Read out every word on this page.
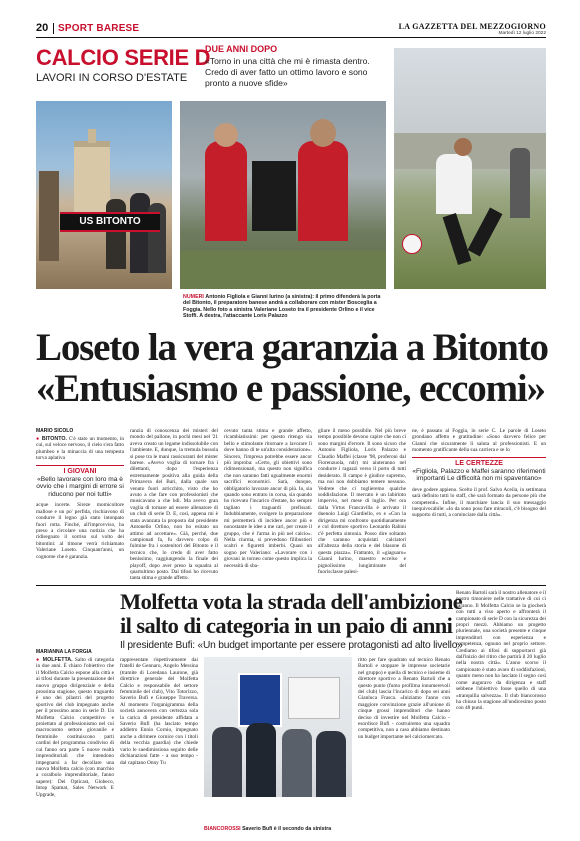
20 SPORT BARESE	LA GAZZETTA DEL MEZZOGIORNO
Martedì 12 luglio 2022
CALCIO SERIE D
LAVORI IN CORSO D'ESTATE
DUE ANNI DOPO
«Torno in una città che mi è rimasta dentro. Credo di aver fatto un ottimo lavoro e sono pronto a nuove sfide»
US BITONTO
NUMERI Antonio Figliola e Gianni Iurino (a sinistra): il primo difenderà la porta del Bitonto, il preparatore banese andrà a collaborare con mister Bosceglia a Foggia. Nello foto a sinistra Valeriane Loseto tra il presidente Orlino e il vice Stoffi. A destra, l'attaccante Loris Palazzo
Loseto la vera garanzia a Bitonto
«Entusiasmo e passione, eccomi»
MARIO SICOLO

● BITONTO. C'è stato un momento, in cui, sul veloce nervoso, il cielo s'era fatto plumbeo e la minaccia di una tempesta torva aplativa

I GIOVANI
«Bello lavorare con loro ma è ovvio che i margini di errore si riducono per noi tutti»

acque incerte. Sireze momicoltore mallose e un po' perfida, rischiavono di condurre il legno già stato intonpato fuori rotta. Finché, all'improvviso, ha preso a circolare una notizia che ha ridisegnato il sorriso sul volto dei bitontini: al timone verrà richiamato Valeriane Loseto. Cinquant'anni, un cognome che è garanzia.

ranzia di conoscenza dei misteri del mondo del pallone, in pochi mesi nel '21 aveva creato un legame indissolubile con l'ambiente. E, dunque, la tremula bussola si pose tra le mani rassicuranti del mister barese. «Avevo voglia di tornare fra i dilettanti, dopo l'esperienza estremamente positiva alla guida della Primavera del Bari, dalla quale son venuto fuori arricchito, visto che ho avuto a che fare con professionisti che musicavano a che hdi. Ma avevo gran voglia di tornare ad essere allenatore di un club di serie D. E, così, appena mi è stata avanzata la proposta dal presidente Antonello Orlino, non ho esitato un attimo ad accettare». Già, perché, due campionati fa, fu davvero colpo di fulmine fra i sostenitori del Bitonto e il tecnico che, lo credo di aver fatto benissimo, raggiungendo la finale dei playoff, dopo aver preso la squadra al quartultimo posto. Dai tifosi ho ricevuto tanta stima e grande affetto.
cevuto tanta stima e grande affetto, ricambiatissimi: per questo ritengo sia bello e stimolante ritornare a lavorare lì dove hanno di te un'alta considerazione». Sincero, l'impresa potrebbe essere ancor più improba: «Certo, gli obiettivi sono ridimensionati, ma questo non significa che non saranno fatti ugualmente enormi sacrifici economici. Sarà, dunque, obbligatorio lavorare ancor di più. Io, sia quando sono entrato in corsa, sia quando ho ricevuto l'incarico d'estate, ho sempre tagliato i traguardi prefissati. Indubbiamente, svolgere la preparazione mi permetterà di incidere ancor più e nonostante le idee a me cari, per creare il gruppo, che è l'arma in più nel calcio». Nella ciurma, si prevedono filibustieri scaltri e figuretti imberbi. Quasi un sogno per Valeriano: «Lavorare con i giovani in torneo come questo implica la necessità di sba-
gliare il meno possibile. Nel più breve tempo possibile devono capire che non ci sono margini d'errore. Il sono sicuro che Antonio Figliola, Loris Palazzo e Claudio Maffei (classe '98, proferoni dal Fiorenzuola, ndr) mi aiuteranno nel condurre i ragazzi verso il porto di tutti desiderato. Il campo è giudice supremo, ma noi non dobbiamo temere nessuno. Vedrete che ci toglieremo qualche soddisfazione. Il mercato è un labirinto impervio, nel mese di luglio. Per ora dalla Virtus Francavilla è arrivato il duenolo Luigi Giardiello, ex e «Con la dirigenza mi confronto quotidianamente e col direttore sportivo Leonardo Rabini c'è perfetta sintonia. Posso dire soltanto che saranno acquistati calciatori all'altezza della storia e del blasone di questa piazza». Frattanto, il «giaguaro» Gianni Iurino, maestro eccelso e pignolissimo lungimirante del fuorisclasse palesi-

ne, è passato al Foggia, in serie C. Le parole di Loseto grondano affetto e gratitudine: «Sono davvero felice per Gianni che sicuramente lì saluta al professionisti. E un momento gratificante della sua carriera e se lo

LE CERTEZZE
«Figliola, Palazzo e Maffei saranno riferimenti importanti Le difficoltà non mi spaventano»

deve godere appieno. Scelto il prof. Salvo Aceila, in settimana sarà definito tutti lo staff, che sarà formato da persone più che competenti». Infine, il marchiare lancia il suo messaggio inequivocabile: «Io da sono poso fare miracoli, c'è bisogno del supporto di tutti, a cominciare dalla città».

Molfetta vota la strada dell'ambizione
il salto di categoria in un paio di anni
Il presidente Bufi: «Un budget importante per essere protagonisti ad alto livello»
MARIANNA LA FORGIA

● MOLFETTA. Salto di categoria in due anni. È chiaro l'obiettivo che il Molfetta Calcio espone alla città e ai tifosi durante la presentazione del nuovo gruppo dirigenziale e della prossima stagione, questo traguardo è uno dei pilastri del progetto sportivo del club impegnato anche per il prossimo anno in serie D. Un Molfetta Calcio competitivo e proiettato al professionismo nel cui macrocosmo settore giovanile e femminile costituiscono parti cardini del programma condiviso di cui fanno ora parte 5 nuove realtà imprenditoriali che intendono impegnarsi a far decollare una nuova Molfetta calcio (con marchio a coralbolo imprenditoriale, fanno sapere): Dei Opticast, Globeco, Intop Spamat, Sales Network E Upgrade,

rappresentate rispettivamente dai fratelli de Gennaro, Angelo Messina (tramite di Loredana Laurone, già direttrice generale del Molfetta Calcio e responsabile del settore femminile del club), Vito Totorizzo, Saverio Bufi e Giuseppe Traversa. Al momento l'organigramma della società annovera con certezza sola la carica di presidente affidata a Saverio Bufi (ha lasciato tempo addietro Ennio Cornio, impegnato anche a dirimere cornice con i titoli della vecchia guardia) che chiede vario le suedimissiona seguito delle dichiarazioni fatte - a suo tempo - dal capitano Onny Tu
BIANCOROSSI Saverio Bufi è il secondo da sinistra
ritto per fare quadrato sul tecnico Renato Bartoli e stoppare le impresse societarie nel gruppo) e quella di tecnico e insieme di direttore sportivo a Renato Bartoli che a questo punto (fumo profilma innumerevoli dei club) lascia l'incarico di dopo sei anni Gianluca Frasca. «Iniziamo l'anno con maggiore convinzione grazie all'unione di cinque grossi imprenditori che hanno deciso di investire nel Molfetta Calcio - esordisce Bufi - costruiremo una squadra competitiva, non a caso abbiamo destinato un budget importante nel calciomercato.
Renato Bartoli sarà il nostro allenatore e il nostro timoniere nelle trattative di cui ci saranno. Il Molfetta Calcio se la giocherà con tutti a viso aperto e affronterà il campionato di serie D con la sicurezza dei propri mezzi. Abbiamo un progetto pluriennale, una società presente e cinque imprenditori con esperienza e competenza, ognuno nel proprio settore. Crediamo ai tifosi di supportarci già dall'inizio del ritiro che partirà il 20 luglio nella nostra città». L'anno scorso il campionato è stato avaro di soddisfazioni, quanto meno non ha lasciato il segno così come auguravo da dirigenza e staff sebbene l'obiettivo fosse quello di una «tranquilla salvezza». Il club biancorosso ha chiuso la stagione all'undicesimo posto con 48 punti.
